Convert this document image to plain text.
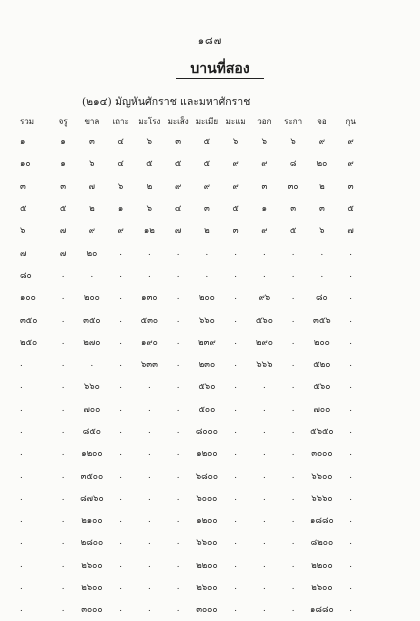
๑๘๗
บานที่สอง
(๒๑๔) มัญหันศักราช และมหาศักราช
รวม	จรู	ขาล	เถาะ	มะโรง	มะเส็ง	มะเมีย	มะแม	วอก	ระกา	จอ	กุน
๑	๑	๓	๔	๖	๓	๕	๖	๖	๖	๙	๙
๑๐	๑	๖	๔	๕	๕	๕	๙	๙	๘	๒๐	๙
๓	๓	๗	๖	๒	๙	๙	๙	๓	๓๐	๒	๓
๕	๕	๒	๑	๖	๔	๓	๕	๑	๓	๓	๕
๖	๗	๙	๙	๑๒	๗	๒	๓	๙	๕	๖	๗
๗	๗	๒๐	.	.	.	.	.	.	.	.	.
๘๐	.	.	.	.	.	.	.	.	.	.	.
๑๐๐	.	๒๐๐	.	๑๓๐	.	๒๐๐	.	๙๖	.	๘๐	.
๓๕๐	.	๓๕๐	.	๕๓๐	.	๖๖๐	.	๕๖๐	.	๓๕๖	.
๒๕๐	.	๒๗๐	.	๑๙๐	.	๒๓๙	.	๒๙๐	.	๒๐๐	.
.	.	.	.	๖๓๓	.	๒๓๐	.	๖๖๖	.	๕๒๐	.
.	.	๖๖๐	.	.	.	๕๖๐	.	.	.	๕๖๐	.
.	.	๗๐๐	.	.	.	๕๐๐	.	.	.	๗๐๐	.
.	.	๘๕๐	.	.	.	๘๐๐๐	.	.	.	๕๖๕๐	.
.	.	๑๒๐๐	.	.	.	๑๒๐๐	.	.	.	๓๐๐๐	.
.	.	๓๕๐๐	.	.	.	๖๘๐๐	.	.	.	๖๖๐๐	.
.	.	๘๗๖๐	.	.	.	๖๐๐๐	.	.	.	๖๖๖๐	.
.	.	๒๑๐๐	.	.	.	๑๒๐๐	.	.	.	๑๘๘๐	.
.	.	๒๘๐๐	.	.	.	๖๖๐๐	.	.	.	๘๒๐๐	.
.	.	๒๖๐๐	.	.	.	๒๒๐๐	.	.	.	๒๒๐๐	.
.	.	๒๖๐๐	.	.	.	๒๖๐๐	.	.	.	๒๖๐๐	.
.	.	๓๐๐๐	.	.	.	๓๐๐๐	.	.	.	๑๘๘๐	.
